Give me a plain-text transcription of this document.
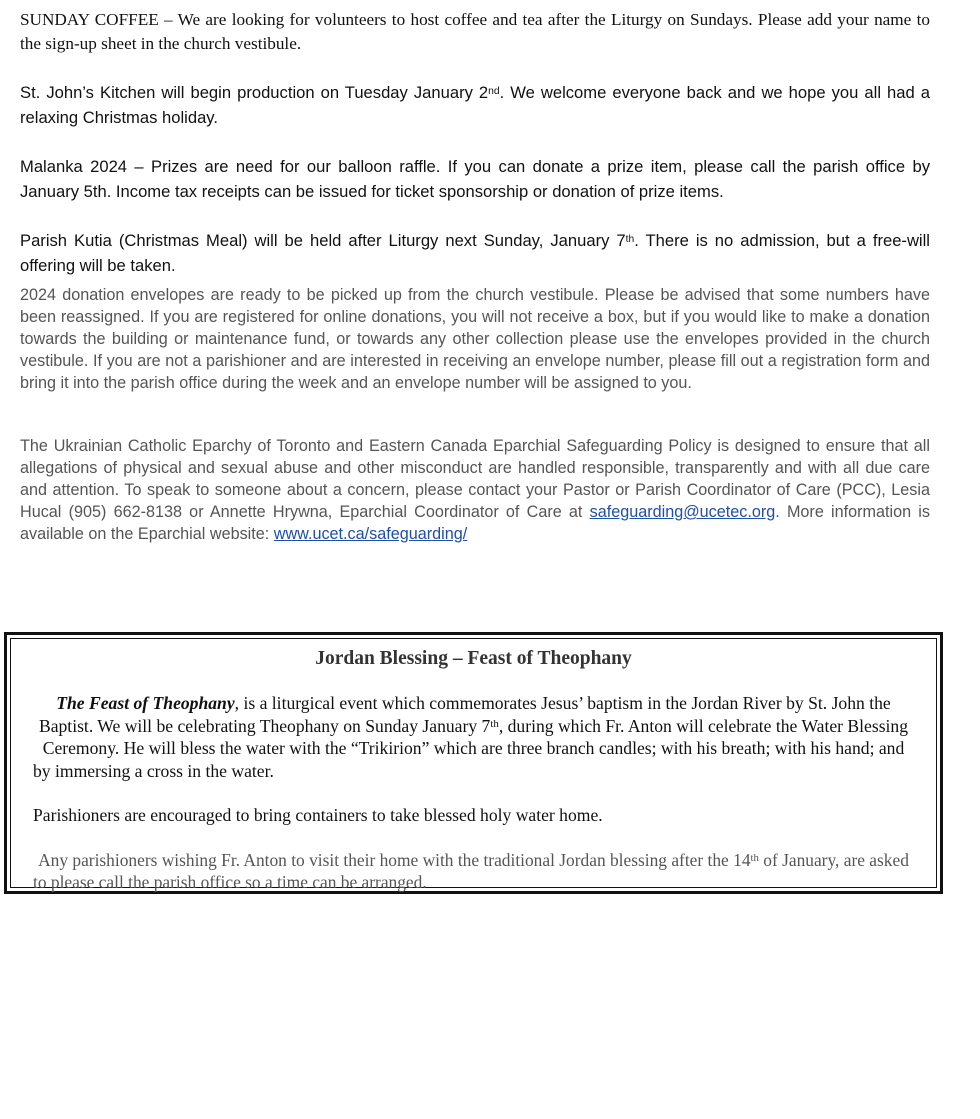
SUNDAY COFFEE – We are looking for volunteers to host coffee and tea after the Liturgy on Sundays. Please add your name to the sign-up sheet in the church vestibule.

St. John’s Kitchen will begin production on Tuesday January 2nd. We welcome everyone back and we hope you all had a relaxing Christmas holiday.

Malanka 2024 – Prizes are need for our balloon raffle. If you can donate a prize item, please call the parish office by January 5th. Income tax receipts can be issued for ticket sponsorship or donation of prize items.

Parish Kutia (Christmas Meal) will be held after Liturgy next Sunday, January 7th. There is no admission, but a free-will offering will be taken.

2024 donation envelopes are ready to be picked up from the church vestibule. Please be advised that some numbers have been reassigned. If you are registered for online donations, you will not receive a box, but if you would like to make a donation towards the building or maintenance fund, or towards any other collection please use the envelopes provided in the church vestibule. If you are not a parishioner and are interested in receiving an envelope number, please fill out a registration form and bring it into the parish office during the week and an envelope number will be assigned to you.

The Ukrainian Catholic Eparchy of Toronto and Eastern Canada Eparchial Safeguarding Policy is designed to ensure that all allegations of physical and sexual abuse and other misconduct are handled responsible, transparently and with all due care and attention. To speak to someone about a concern, please contact your Pastor or Parish Coordinator of Care (PCC), Lesia Hucal (905) 662-8138 or Annette Hrywna, Eparchial Coordinator of Care at safeguarding@ucetec.org. More information is available on the Eparchial website: www.ucet.ca/safeguarding/

Jordan Blessing – Feast of Theophany

The Feast of Theophany, is a liturgical event which commemorates Jesus’ baptism in the Jordan River by St. John the Baptist. We will be celebrating Theophany on Sunday January 7th, during which Fr. Anton will celebrate the Water Blessing Ceremony. He will bless the water with the “Trikirion” which are three branch candles; with his breath; with his hand; and by immersing a cross in the water.

Parishioners are encouraged to bring containers to take blessed holy water home.

Any parishioners wishing Fr. Anton to visit their home with the traditional Jordan blessing after the 14th of January, are asked to please call the parish office so a time can be arranged.
